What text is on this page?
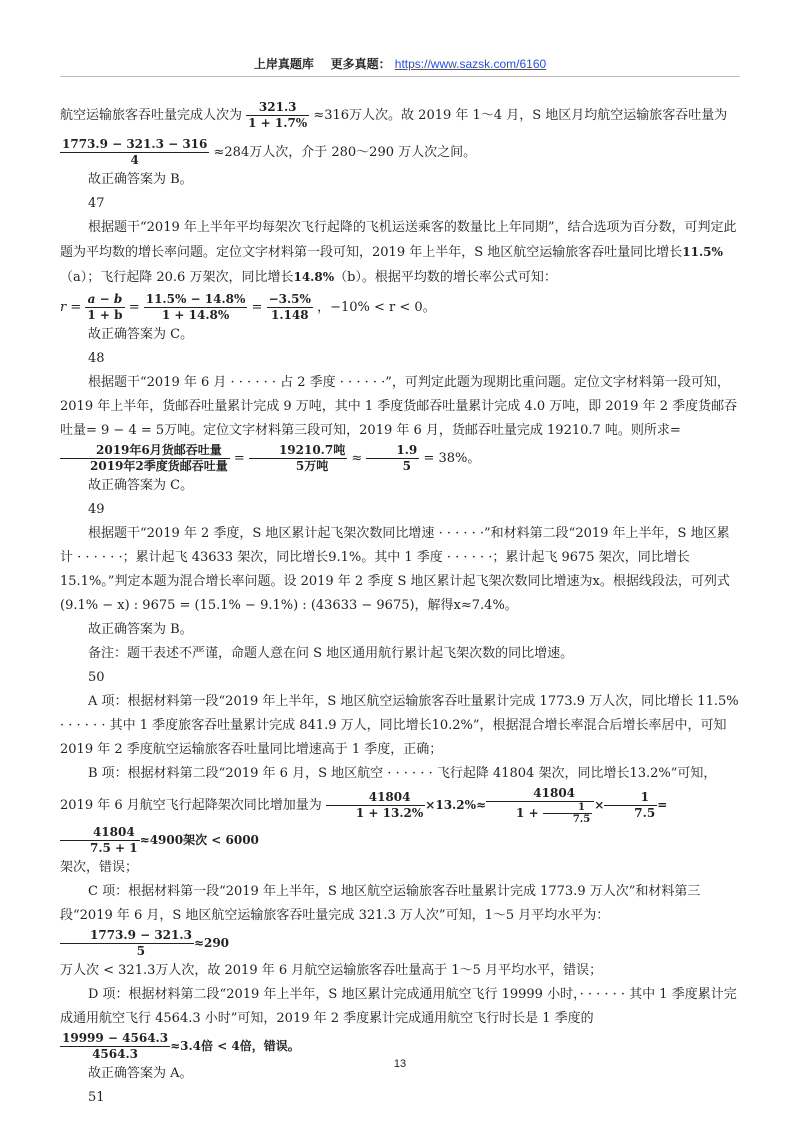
上岸真题库 更多真题： https://www.sazsk.com/6160

航空运输旅客吞吐量完成人次为 $\frac{321.3}{1 + 1.7\%} \approx 316$万人次。故 2019 年 1～4 月，S 地区月均航空运输旅客吞吐量为

$\frac{1773.9 - 321.3 - 316}{4} \approx 284$万人次，介于 280～290 万人次之间。

故正确答案为 B。

47

根据题干“2019 年上半年平均每架次飞行起降的飞机运送乘客的数量比上年同期”，结合选项为百分数，可判定此题为平均数的增长率问题。定位文字材料第一段可知，2019 年上半年，S 地区航空运输旅客吞吐量同比增长11.5%（a）；飞行起降 20.6 万架次，同比增长14.8%（b）。根据平均数的增长率公式可知：

$r = \frac{a - b}{1 + b} = \frac{11.5\% - 14.8\%}{1 + 14.8\%} = \frac{-3.5\%}{1.148}$ ，−10% < r < 0。

故正确答案为 C。

48

根据题干“2019 年 6 月 · · · · · · 占 2 季度 · · · · · ·”，可判定此题为现期比重问题。定位文字材料第一段可知，2019 年上半年，货邮吞吐量累计完成 9 万吨，其中 1 季度货邮吞吐量累计完成 4.0 万吨，即 2019 年 2 季度货邮吞吐量= 9 − 4 = 5万吨。定位文字材料第三段可知，2019 年 6 月，货邮吞吐量完成 19210.7 吨。则所求=
$\frac{\text{2019年6月货邮吞吐量}}{\text{2019年2季度货邮吞吐量}} = \frac{\text{19210.7吨}}{\text{5万吨}} \approx \frac{1.9}{5} = 38\%$。

故正确答案为 C。

49

根据题干“2019 年 2 季度，S 地区累计起飞架次数同比增速 · · · · · ·”和材料第二段“2019 年上半年，S 地区累计 · · · · · ·；累计起飞 43633 架次，同比增长9.1%。其中 1 季度 · · · · · ·；累计起飞 9675 架次，同比增长15.1%。”判定本题为混合增长率问题。设 2019 年 2 季度 S 地区累计起飞架次数同比增速为x。根据线段法，可列式(9.1% − x) : 9675 = (15.1% − 9.1%) : (43633 − 9675)，解得x≈7.4%。

故正确答案为 B。

备注：题干表述不严谨，命题人意在问 S 地区通用航行累计起飞架次数的同比增速。

50

A 项：根据材料第一段“2019 年上半年，S 地区航空运输旅客吞吐量累计完成 1773.9 万人次，同比增长 11.5% · · · · · · 其中 1 季度旅客吞吐量累计完成 841.9 万人，同比增长10.2%”，根据混合增长率混合后增长率居中，可知 2019 年 2 季度航空运输旅客吞吐量同比增速高于 1 季度，正确；

B 项：根据材料第二段“2019 年 6 月，S 地区航空 · · · · · · 飞行起降 41804 架次，同比增长13.2%”可知，2019 年 6 月航空飞行起降架次同比增加量为 $\frac{41804}{1 + 13.2\%} \times 13.2\%\approx \frac{41804}{1 + \frac{1}{7.5}} \times \frac{1}{7.5}$ =
$\frac{41804}{7.5 + 1} \approx 4900$架次 < 6000

架次，错误；

C 项：根据材料第一段“2019 年上半年，S 地区航空运输旅客吞吐量累计完成 1773.9 万人次”和材料第三段“2019 年 6 月，S 地区航空运输旅客吞吐量完成 321.3 万人次”可知，1～5 月平均水平为：
$\frac{1773.9 - 321.3}{5} \approx 290$

万人次 < 321.3万人次，故 2019 年 6 月航空运输旅客吞吐量高于 1～5 月平均水平，错误；

D 项：根据材料第二段“2019 年上半年，S 地区累计完成通用航空飞行 19999 小时，· · · · · · 其中 1 季度累计完成通用航空飞行 4564.3 小时”可知，2019 年 2 季度累计完成通用航空飞行时长是 1 季度的

$\frac{19999 - 4564.3}{4564.3} \approx 3.4$倍 < 4倍，错误。

故正确答案为 A。

51

13
